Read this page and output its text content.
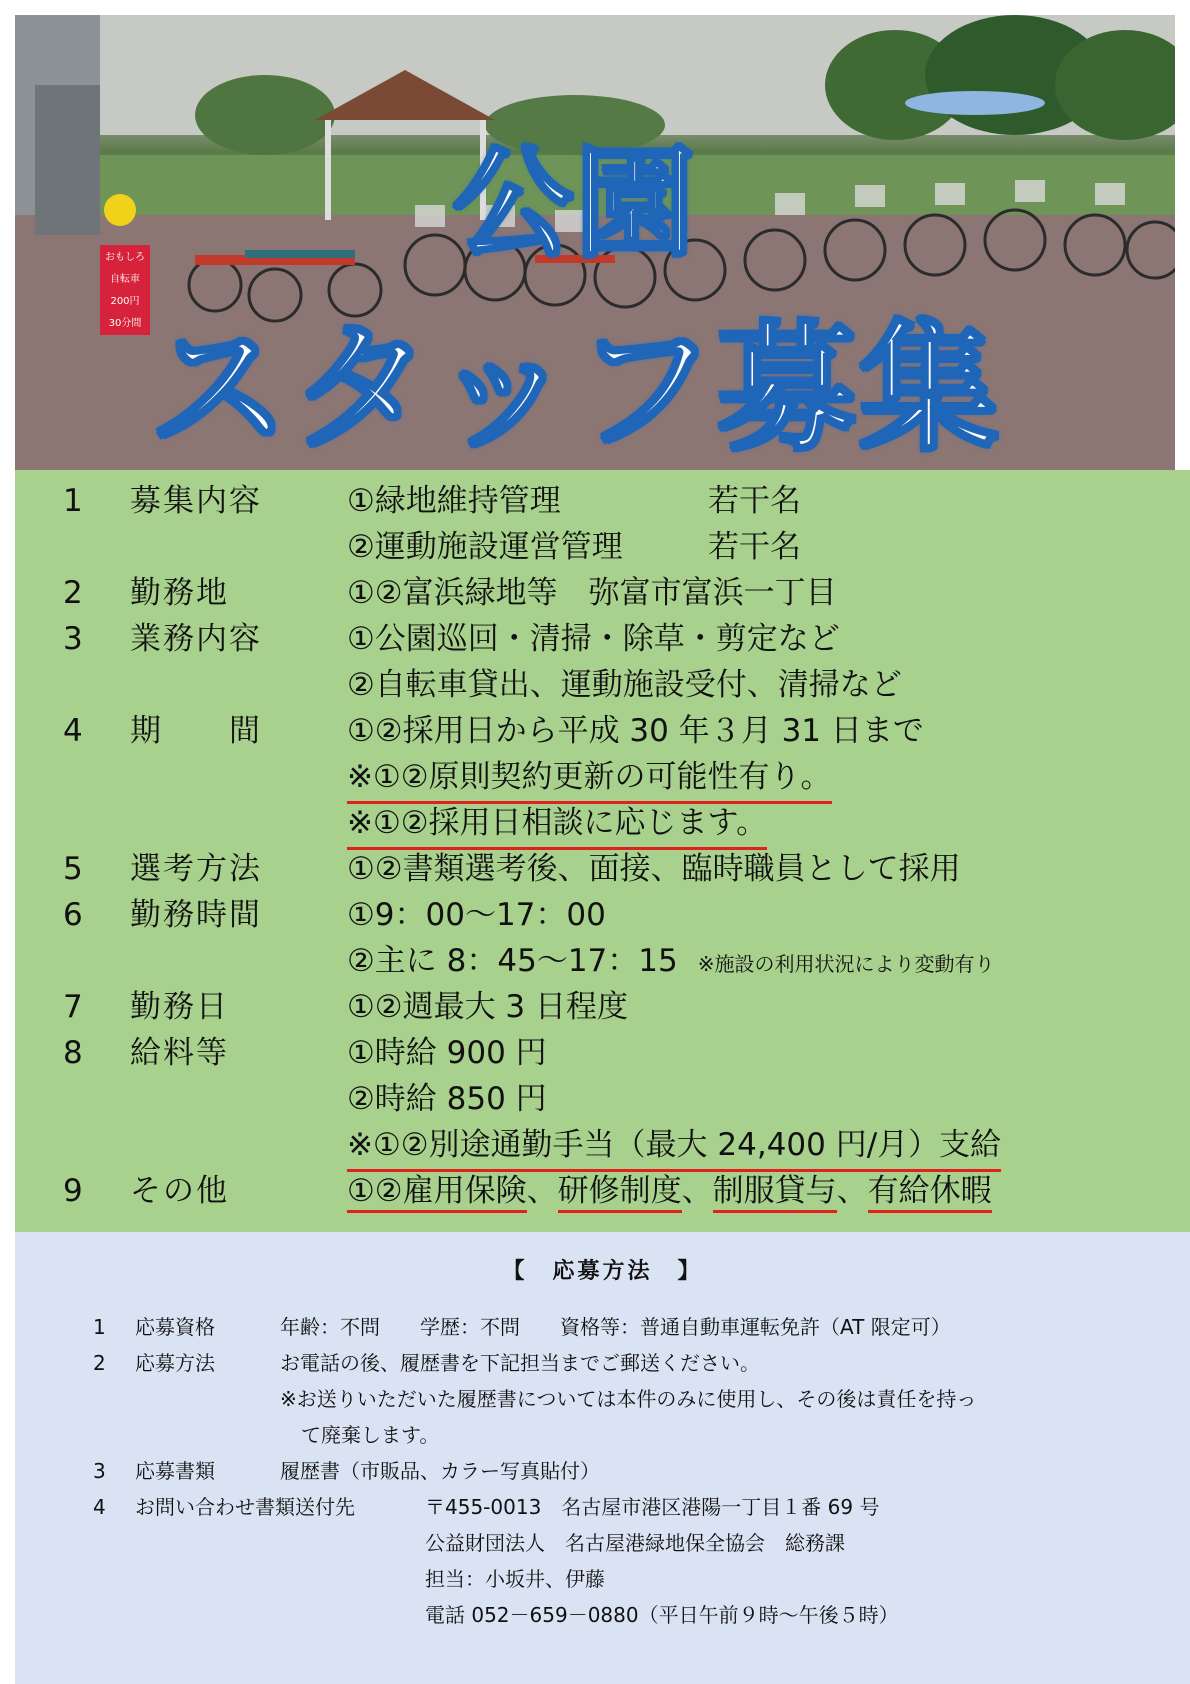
おもしろ
自転車
200円
30分間
公園
スタッフ募集
1 募集内容	①緑地維持管理	若干名
②運動施設運営管理	若干名
2 勤務地	①②富浜緑地等　弥富市富浜一丁目
3 業務内容	①公園巡回・清掃・除草・剪定など
②自転車貸出、運動施設受付、清掃など
4 期　　間	①②採用日から平成 30 年３月 31 日まで
※①②原則契約更新の可能性有り。
※①②採用日相談に応じます。
5 選考方法	①②書類選考後、面接、臨時職員として採用
6 勤務時間	①9：00～17：00
②主に 8：45～17：15 ※施設の利用状況により変動有り
7 勤務日	①②週最大 3 日程度
8 給料等	①時給 900 円
②時給 850 円
※①②別途通勤手当（最大 24,400 円/月）支給
9 その他	①②雇用保険、研修制度、制服貸与、有給休暇
【　応募方法　】
1 応募資格	年齢：不問　　学歴：不問　　資格等：普通自動車運転免許（AT 限定可）
2 応募方法	お電話の後、履歴書を下記担当までご郵送ください。
※お送りいただいた履歴書については本件のみに使用し、その後は責任を持っ
て廃棄します。
3 応募書類	履歴書（市販品、カラー写真貼付）
4 お問い合わせ書類送付先	〒455-0013　名古屋市港区港陽一丁目１番 69 号
公益財団法人　名古屋港緑地保全協会　総務課
担当：小坂井、伊藤
電話 052－659－0880（平日午前９時～午後５時）
